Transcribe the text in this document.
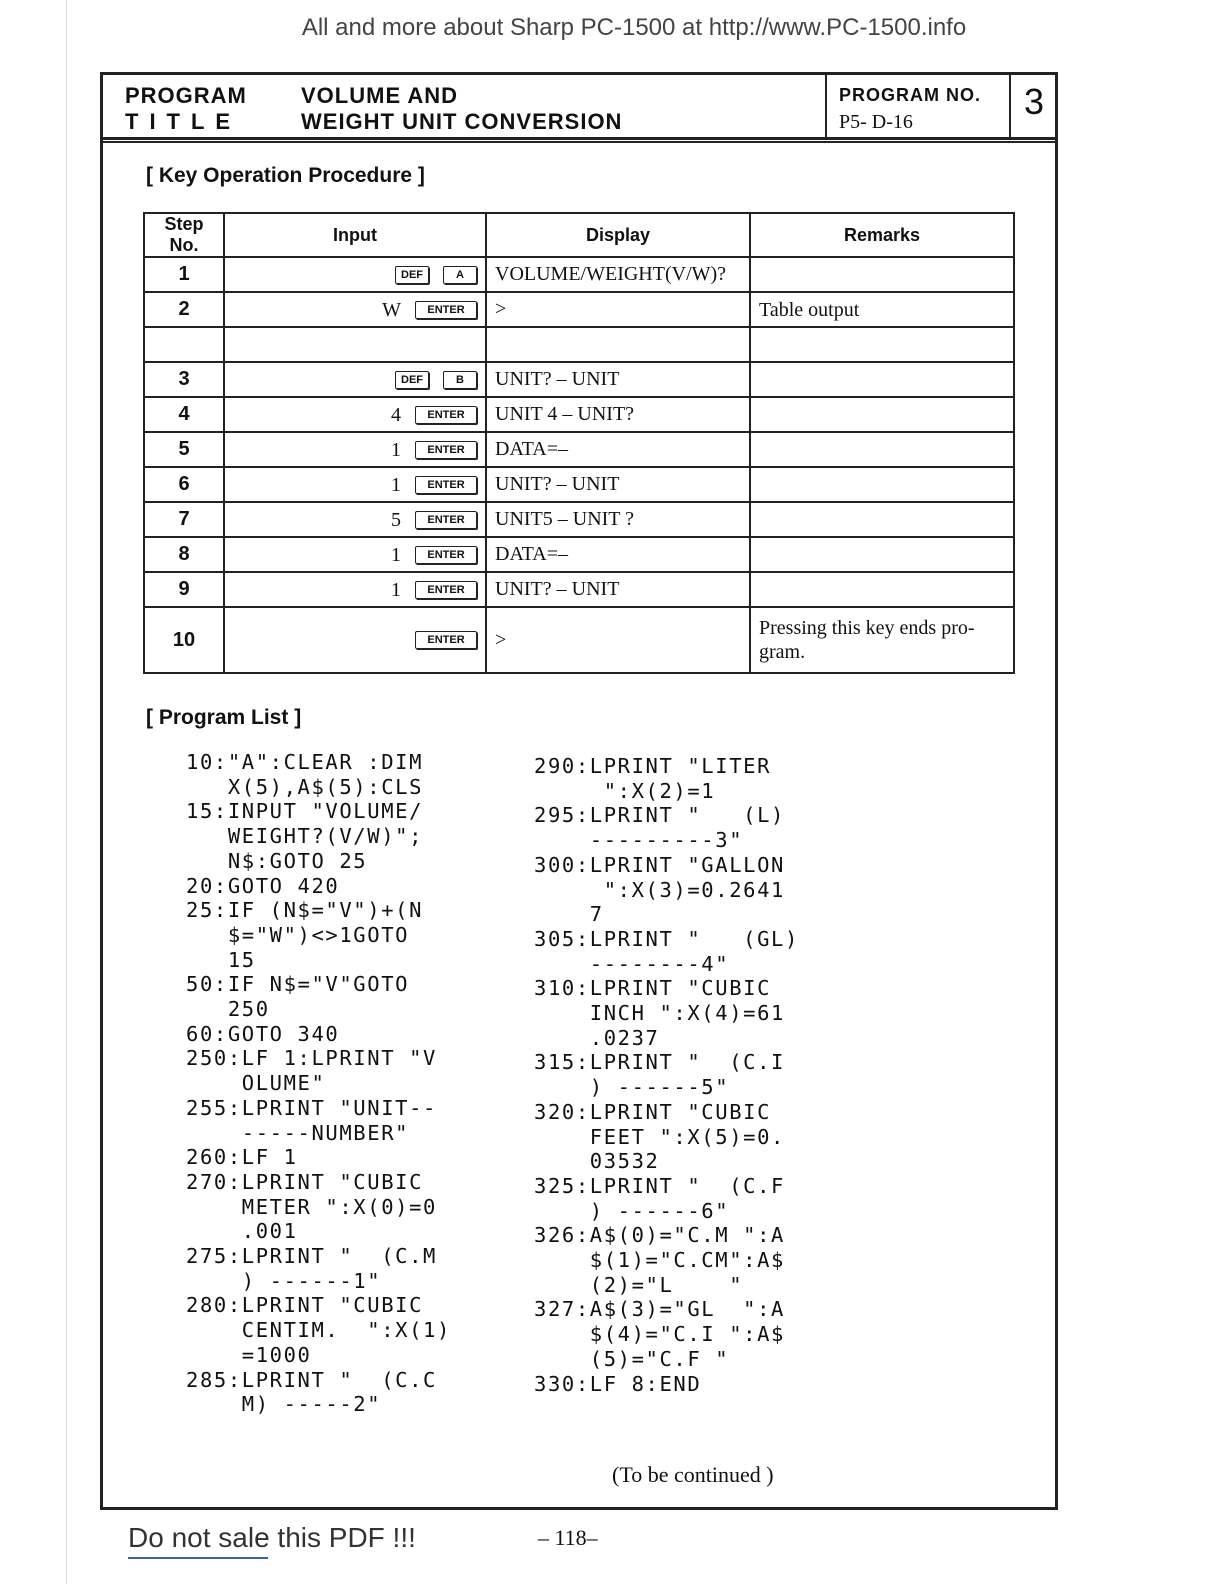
All and more about Sharp PC-1500 at http://www.PC-1500.info
PROGRAM
TITLE
VOLUME AND
WEIGHT UNIT CONVERSION
PROGRAM NO.
P5- D-16	3
[ Key Operation Procedure ]
Step No.	Input	Display	Remarks
1	DEF A	VOLUME/WEIGHT(V/W)?	
2	W ENTER	>	Table output

3	DEF B	UNIT? – UNIT	
4	4 ENTER	UNIT 4 – UNIT?	
5	1 ENTER	DATA=–	
6	1 ENTER	UNIT? – UNIT	
7	5 ENTER	UNIT5 – UNIT ?	
8	1 ENTER	DATA=–	
9	1 ENTER	UNIT? – UNIT	
10	ENTER	>	Pressing this key ends pro-gram.
[ Program List ]
10:"A":CLEAR :DIM
X(5),A$(5):CLS
15:INPUT "VOLUME/
WEIGHT?(V/W)";
N$:GOTO 25
20:GOTO 420
25:IF (N$="V")+(N
$="W")<>1GOTO
15
50:IF N$="V"GOTO
250
60:GOTO 340
250:LF 1:LPRINT "V
OLUME"
255:LPRINT "UNIT--
-----NUMBER"
260:LF 1
270:LPRINT "CUBIC
METER ":X(0)=0
.001
275:LPRINT "  (C.M
) ------1"
280:LPRINT "CUBIC
CENTIM.  ":X(1)
=1000
285:LPRINT "  (C.C
M) -----2"
290:LPRINT "LITER
":X(2)=1
295:LPRINT "   (L)
---------3"
300:LPRINT "GALLON
":X(3)=0.2641
7
305:LPRINT "   (GL)
--------4"
310:LPRINT "CUBIC
INCH ":X(4)=61
.0237
315:LPRINT "  (C.I
) ------5"
320:LPRINT "CUBIC
FEET ":X(5)=0.
03532
325:LPRINT "  (C.F
) ------6"
326:A$(0)="C.M ":A
$(1)="C.CM":A$
(2)="L    "
327:A$(3)="GL  ":A
$(4)="C.I ":A$
(5)="C.F "
330:LF 8:END
(To be continued )
Do not sale this PDF !!!	– 118–
